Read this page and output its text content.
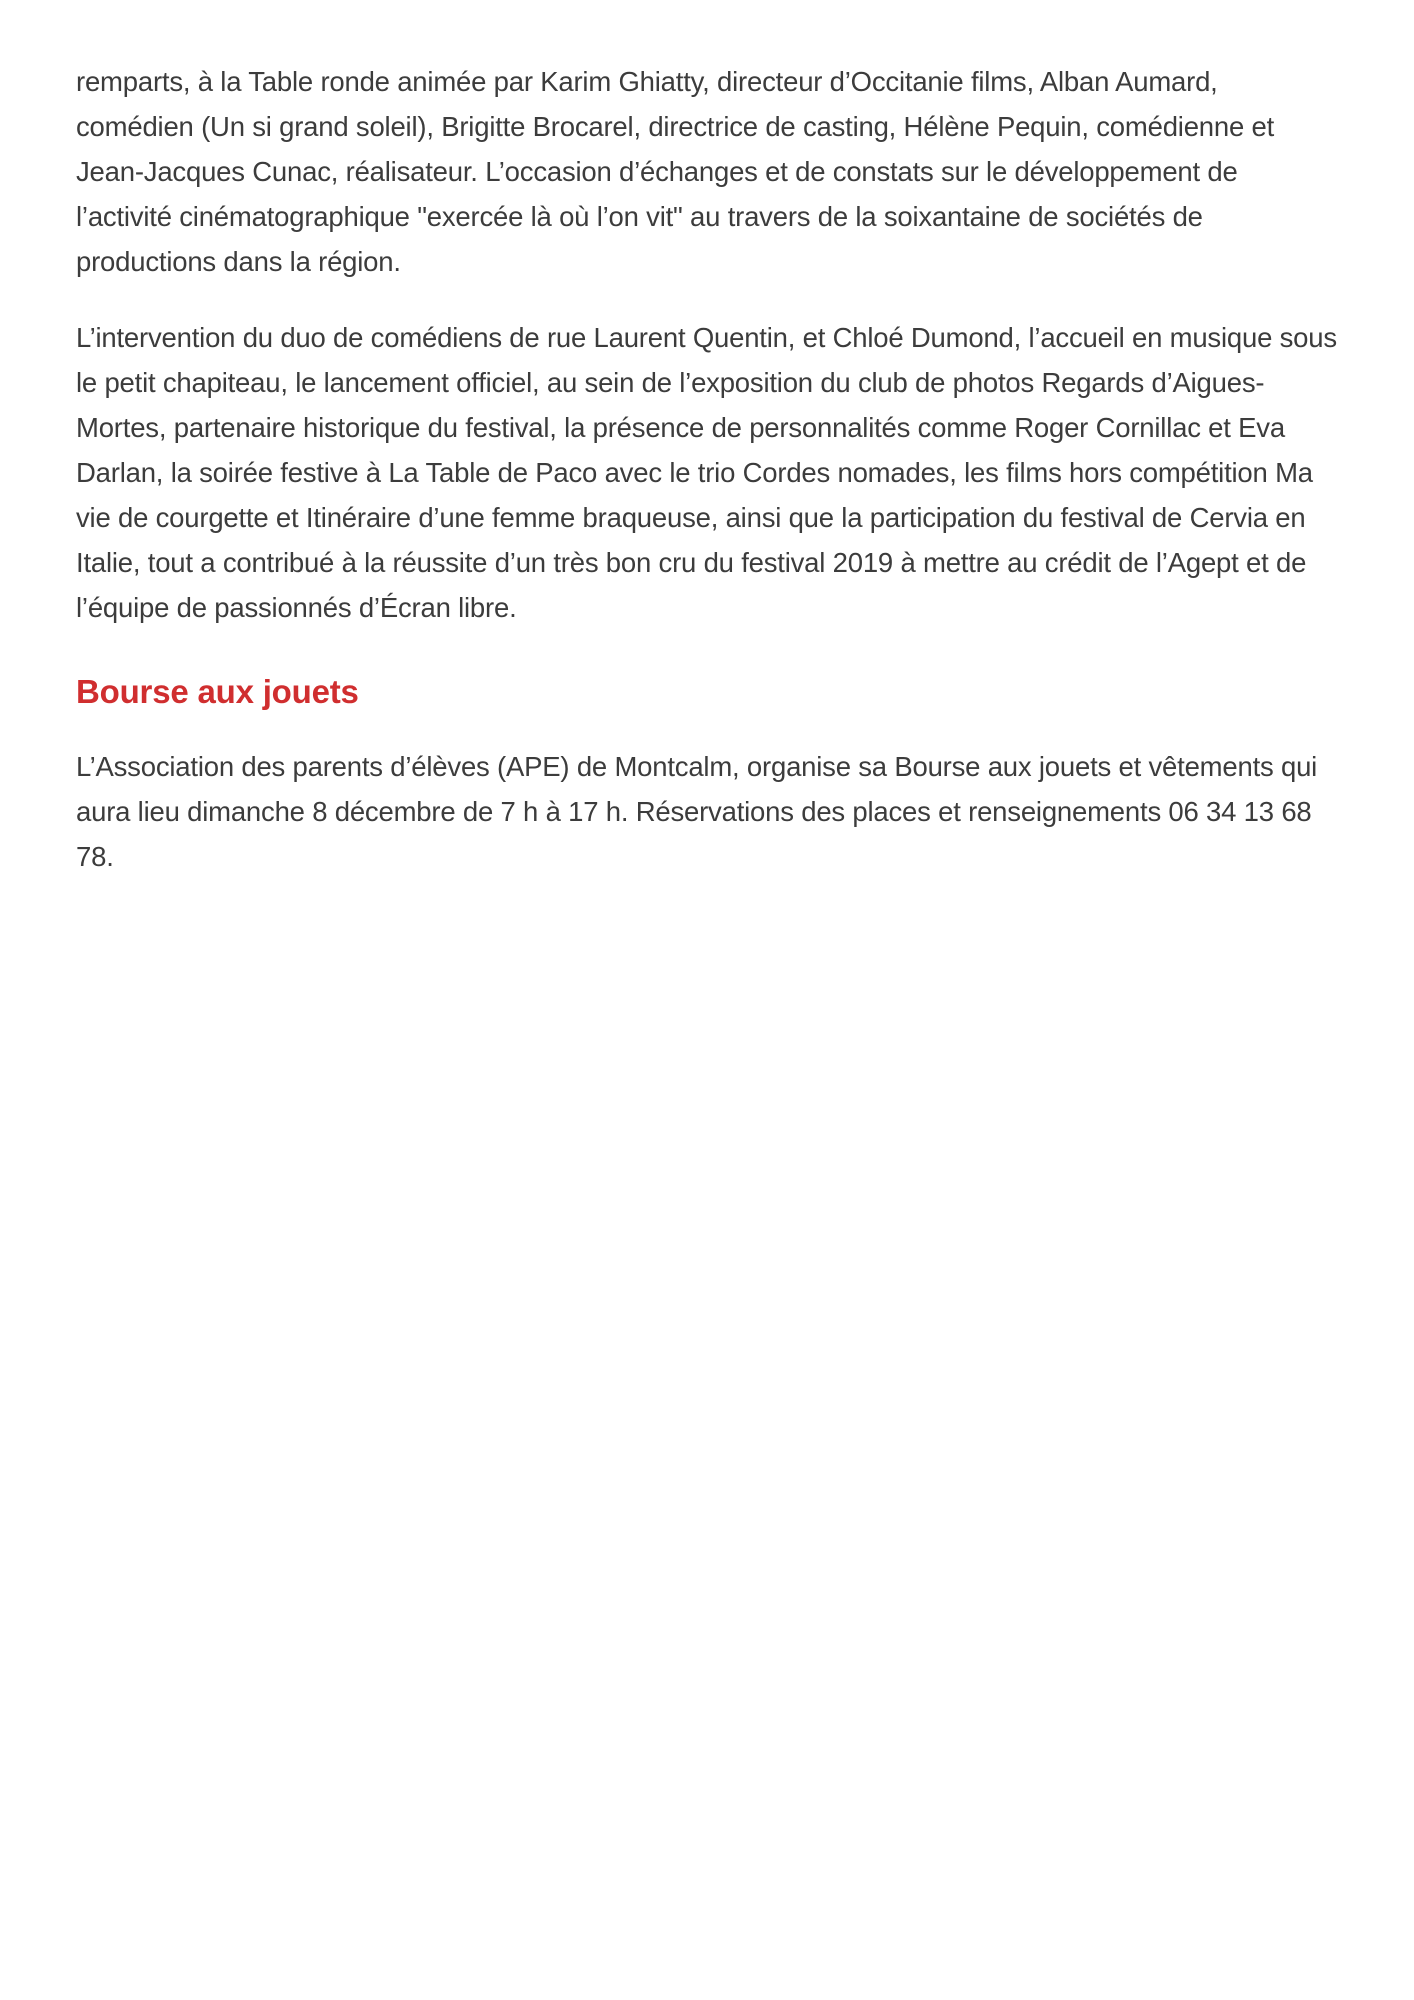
remparts, à la Table ronde animée par Karim Ghiatty, directeur d’Occitanie films, Alban Aumard, comédien (Un si grand soleil), Brigitte Brocarel, directrice de casting, Hélène Pequin, comédienne et Jean-Jacques Cunac, réalisateur. L’occasion d’échanges et de constats sur le développement de l’activité cinématographique "exercée là où l’on vit" au travers de la soixantaine de sociétés de productions dans la région.

L’intervention du duo de comédiens de rue Laurent Quentin, et Chloé Dumond, l’accueil en musique sous le petit chapiteau, le lancement officiel, au sein de l’exposition du club de photos Regards d’Aigues-Mortes, partenaire historique du festival, la présence de personnalités comme Roger Cornillac et Eva Darlan, la soirée festive à La Table de Paco avec le trio Cordes nomades, les films hors compétition Ma vie de courgette et Itinéraire d’une femme braqueuse, ainsi que la participation du festival de Cervia en Italie, tout a contribué à la réussite d’un très bon cru du festival 2019 à mettre au crédit de l’Agept et de l’équipe de passionnés d’Écran libre.

Bourse aux jouets

L’Association des parents d’élèves (APE) de Montcalm, organise sa Bourse aux jouets et vêtements qui aura lieu dimanche 8 décembre de 7 h à 17 h. Réservations des places et renseignements 06 34 13 68 78.
